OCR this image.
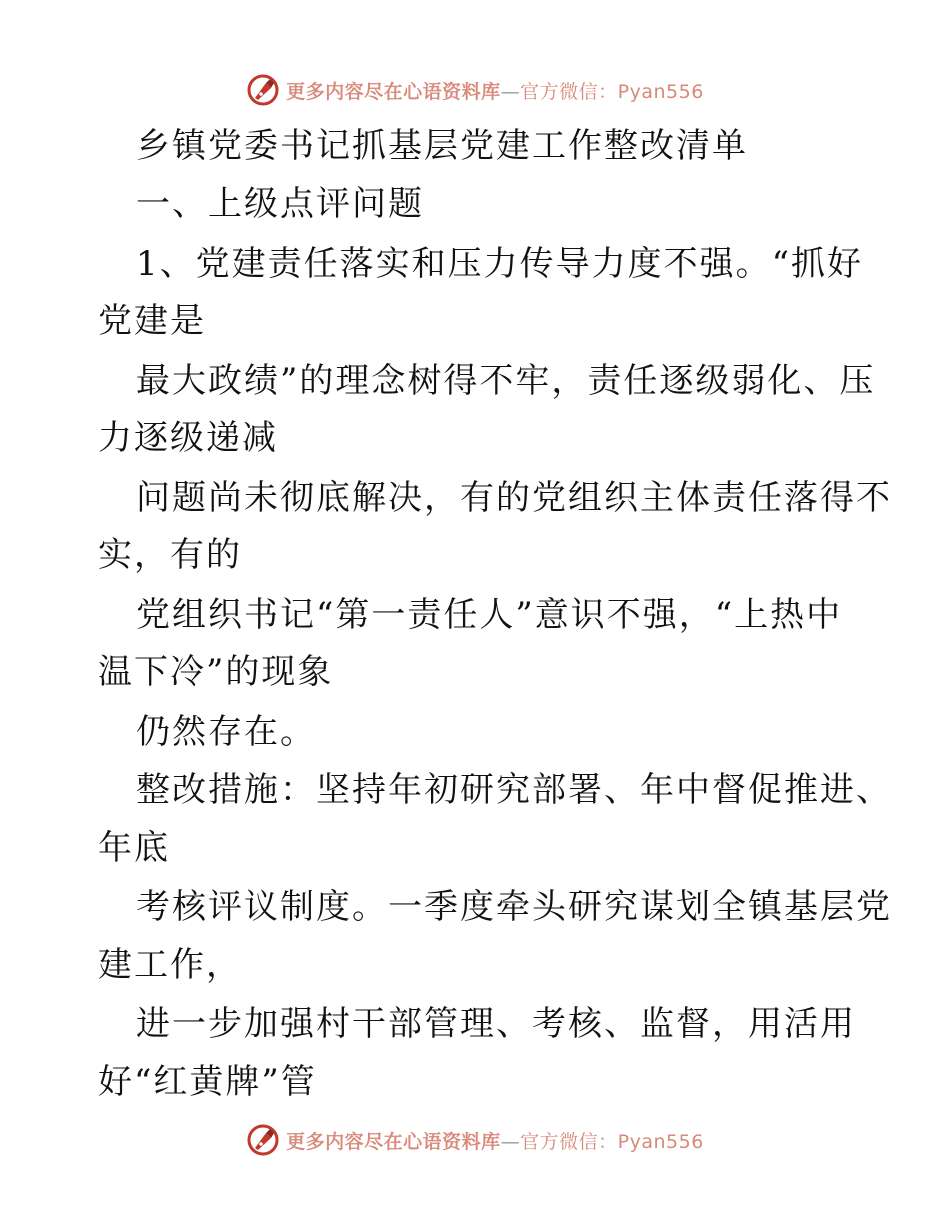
更多内容尽在心语资料库—官方微信：Pyan556
乡镇党委书记抓基层党建工作整改清单
一、上级点评问题
1、党建责任落实和压力传导力度不强。“抓好
党建是
最大政绩”的理念树得不牢，责任逐级弱化、压
力逐级递减
问题尚未彻底解决，有的党组织主体责任落得不
实，有的
党组织书记“第一责任人”意识不强，“上热中
温下冷”的现象
仍然存在。
整改措施：坚持年初研究部署、年中督促推进、
年底
考核评议制度。一季度牵头研究谋划全镇基层党
建工作，
进一步加强村干部管理、考核、监督，用活用
好“红黄牌”管
更多内容尽在心语资料库—官方微信：Pyan556
